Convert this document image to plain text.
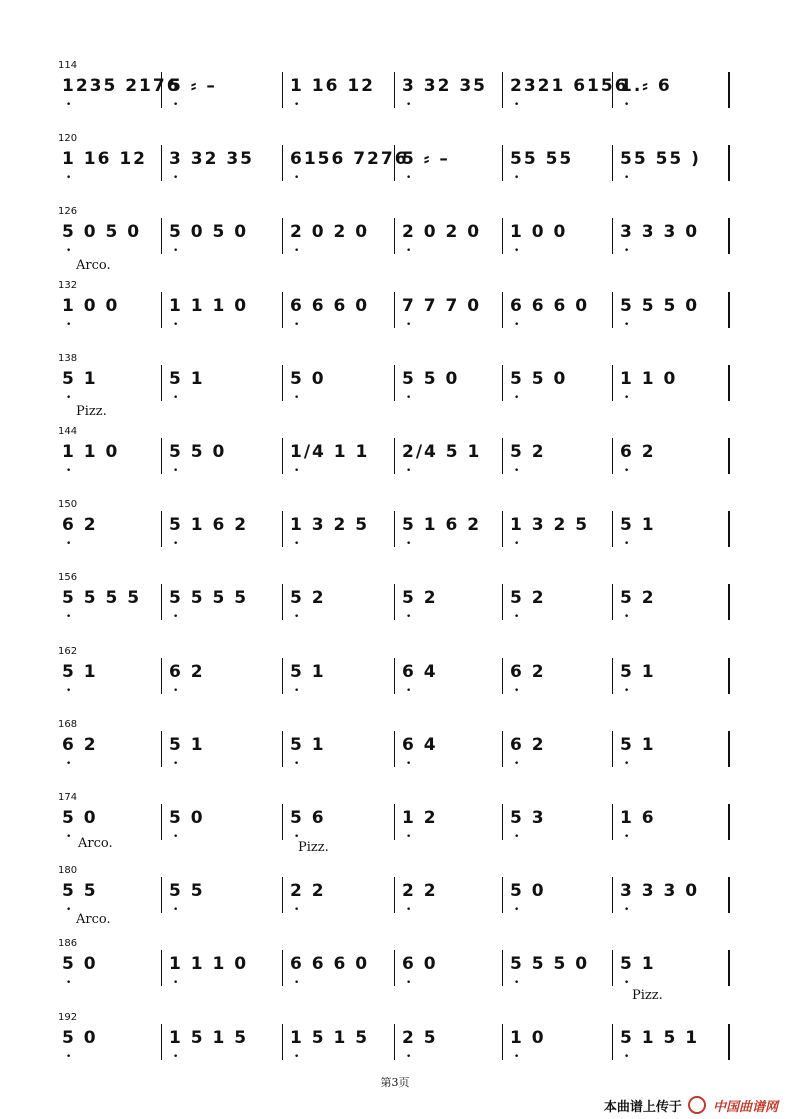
114
1235 2176
•
5 ⸗ –
•
1 16 12
•
3 32 35
•
2321 6156
•
1.⸗ 6
•
120
1 16 12
•
3 32 35
•
6156 7276
•
5 ⸗ –
•
55 55
•
55 55 )
•
126
5 0 5 0
•
5 0 5 0
•
2 0 2 0
•
2 0 2 0
•
1 0 0
•
3 3 3 0
•
Arco.
132
1 0 0
•
1 1 1 0
•
6 6 6 0
•
7 7 7 0
•
6 6 6 0
•
5 5 5 0
•
138
5 1
•
5 1
•
5 0
•
5 5 0
•
5 5 0
•
1 1 0
•
Pizz.
144
1 1 0
•
5 5 0
•
1/4 1 1
•
2/4 5 1
•
5 2
•
6 2
•
150
6 2
•
5 1 6 2
•
1 3 2 5
•
5 1 6 2
•
1 3 2 5
•
5 1
•
156
5 5 5 5
•
5 5 5 5
•
5 2
•
5 2
•
5 2
•
5 2
•
162
5 1
•
6 2
•
5 1
•
6 4
•
6 2
•
5 1
•
168
6 2
•
5 1
•
5 1
•
6 4
•
6 2
•
5 1
•
174
5 0
•
5 0
•
5 6
•
1 2
•
5 3
•
1 6
•
Arco.	Pizz.
180
5 5
•
5 5
•
2 2
•
2 2
•
5 0
•
3 3 3 0
•
Arco.
186
5 0
•
1 1 1 0
•
6 6 6 0
•
6 0
•
5 5 5 0
•
5 1
•
Pizz.
192
5 0
•
1 5 1 5
•
1 5 1 5
•
2 5
•
1 0
•
5 1 5 1
•
第3页
本曲谱上传于 中国曲谱网
